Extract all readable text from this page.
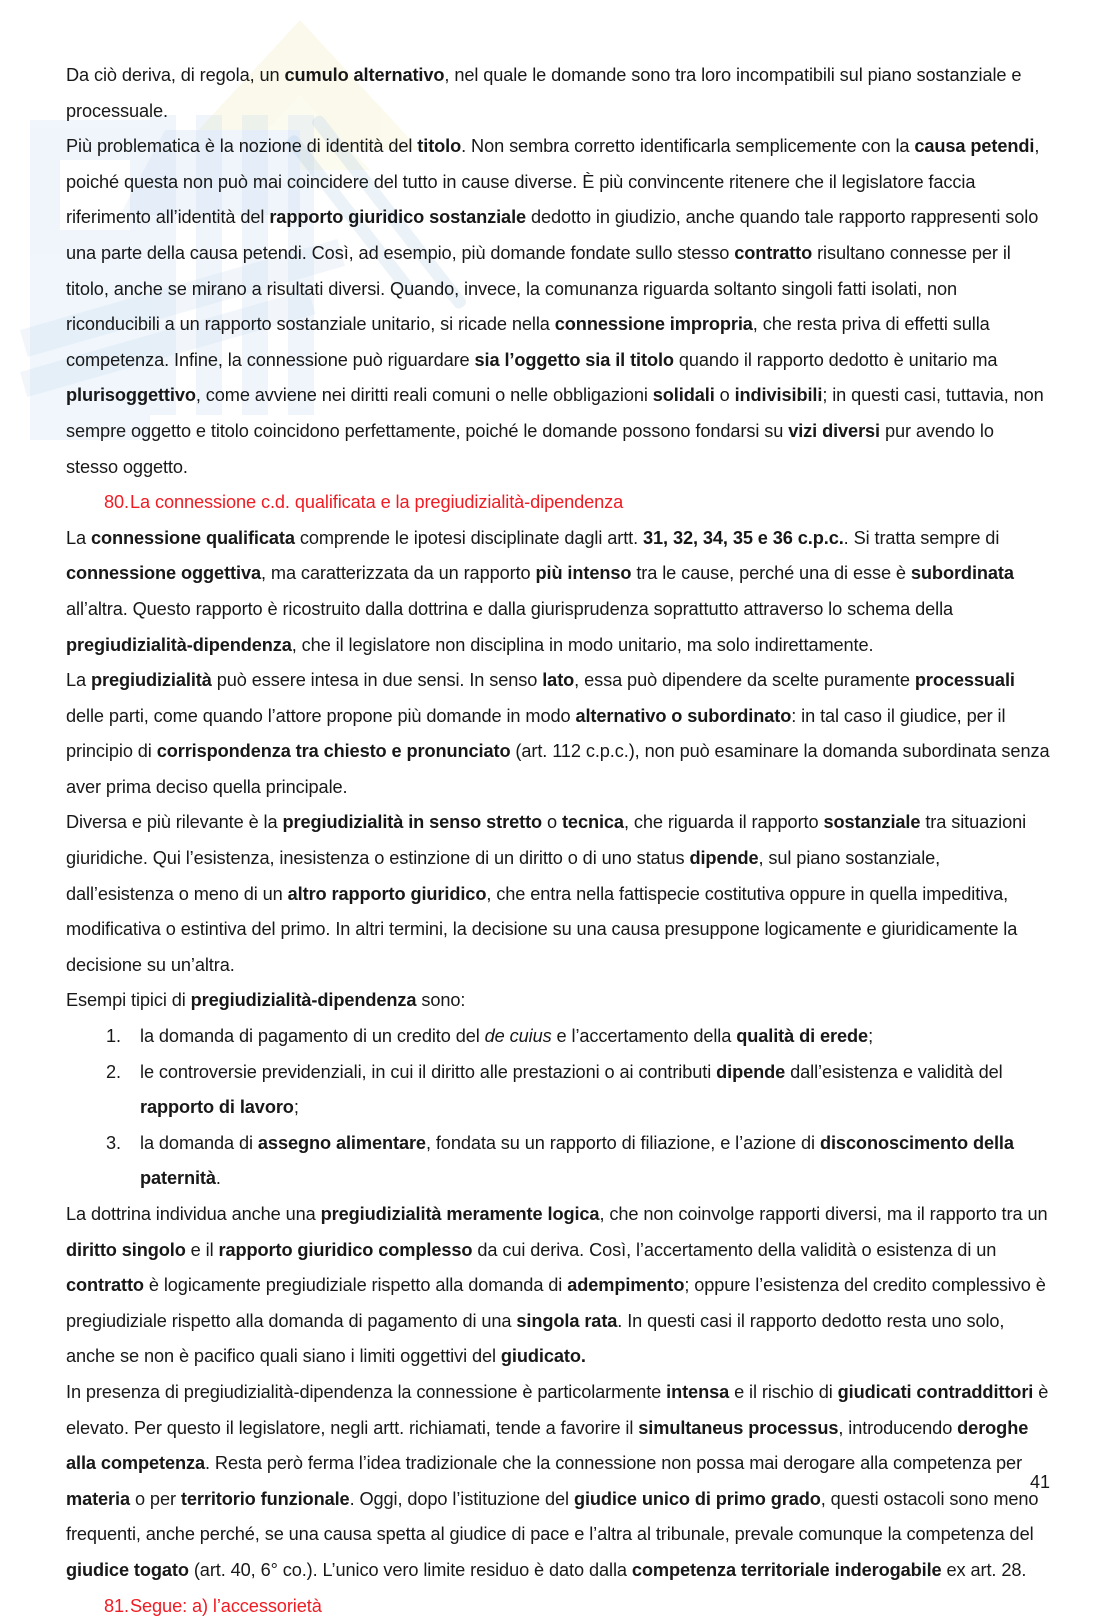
Da ciò deriva, di regola, un cumulo alternativo, nel quale le domande sono tra loro incompatibili sul piano sostanziale e processuale.

Più problematica è la nozione di identità del titolo. Non sembra corretto identificarla semplicemente con la causa petendi, poiché questa non può mai coincidere del tutto in cause diverse. È più convincente ritenere che il legislatore faccia riferimento all’identità del rapporto giuridico sostanziale dedotto in giudizio, anche quando tale rapporto rappresenti solo una parte della causa petendi. Così, ad esempio, più domande fondate sullo stesso contratto risultano connesse per il titolo, anche se mirano a risultati diversi. Quando, invece, la comunanza riguarda soltanto singoli fatti isolati, non riconducibili a un rapporto sostanziale unitario, si ricade nella connessione impropria, che resta priva di effetti sulla competenza. Infine, la connessione può riguardare sia l’oggetto sia il titolo quando il rapporto dedotto è unitario ma plurisoggettivo, come avviene nei diritti reali comuni o nelle obbligazioni solidali o indivisibili; in questi casi, tuttavia, non sempre oggetto e titolo coincidono perfettamente, poiché le domande possono fondarsi su vizi diversi pur avendo lo stesso oggetto.

80.La connessione c.d. qualificata e la pregiudizialità-dipendenza

La connessione qualificata comprende le ipotesi disciplinate dagli artt. 31, 32, 34, 35 e 36 c.p.c.. Si tratta sempre di connessione oggettiva, ma caratterizzata da un rapporto più intenso tra le cause, perché una di esse è subordinata all’altra. Questo rapporto è ricostruito dalla dottrina e dalla giurisprudenza soprattutto attraverso lo schema della pregiudizialità-dipendenza, che il legislatore non disciplina in modo unitario, ma solo indirettamente.

La pregiudizialità può essere intesa in due sensi. In senso lato, essa può dipendere da scelte puramente processuali delle parti, come quando l’attore propone più domande in modo alternativo o subordinato: in tal caso il giudice, per il principio di corrispondenza tra chiesto e pronunciato (art. 112 c.p.c.), non può esaminare la domanda subordinata senza aver prima deciso quella principale.

Diversa e più rilevante è la pregiudizialità in senso stretto o tecnica, che riguarda il rapporto sostanziale tra situazioni giuridiche. Qui l’esistenza, inesistenza o estinzione di un diritto o di uno status dipende, sul piano sostanziale, dall’esistenza o meno di un altro rapporto giuridico, che entra nella fattispecie costitutiva oppure in quella impeditiva, modificativa o estintiva del primo. In altri termini, la decisione su una causa presuppone logicamente e giuridicamente la decisione su un’altra.

Esempi tipici di pregiudizialità-dipendenza sono:

1.	la domanda di pagamento di un credito del de cuius e l’accertamento della qualità di erede;
2.	le controversie previdenziali, in cui il diritto alle prestazioni o ai contributi dipende dall’esistenza e validità del rapporto di lavoro;
3.	la domanda di assegno alimentare, fondata su un rapporto di filiazione, e l’azione di disconoscimento della paternità.

La dottrina individua anche una pregiudizialità meramente logica, che non coinvolge rapporti diversi, ma il rapporto tra un diritto singolo e il rapporto giuridico complesso da cui deriva. Così, l’accertamento della validità o esistenza di un contratto è logicamente pregiudiziale rispetto alla domanda di adempimento; oppure l’esistenza del credito complessivo è pregiudiziale rispetto alla domanda di pagamento di una singola rata. In questi casi il rapporto dedotto resta uno solo, anche se non è pacifico quali siano i limiti oggettivi del giudicato.

In presenza di pregiudizialità-dipendenza la connessione è particolarmente intensa e il rischio di giudicati contraddittori è elevato. Per questo il legislatore, negli artt. richiamati, tende a favorire il simultaneus processus, introducendo deroghe alla competenza. Resta però ferma l’idea tradizionale che la connessione non possa mai derogare alla competenza per materia o per territorio funzionale. Oggi, dopo l’istituzione del giudice unico di primo grado, questi ostacoli sono meno frequenti, anche perché, se una causa spetta al giudice di pace e l’altra al tribunale, prevale comunque la competenza del giudice togato (art. 40, 6° co.). L’unico vero limite residuo è dato dalla competenza territoriale inderogabile ex art. 28.

81.Segue: a) l’accessorietà

41
